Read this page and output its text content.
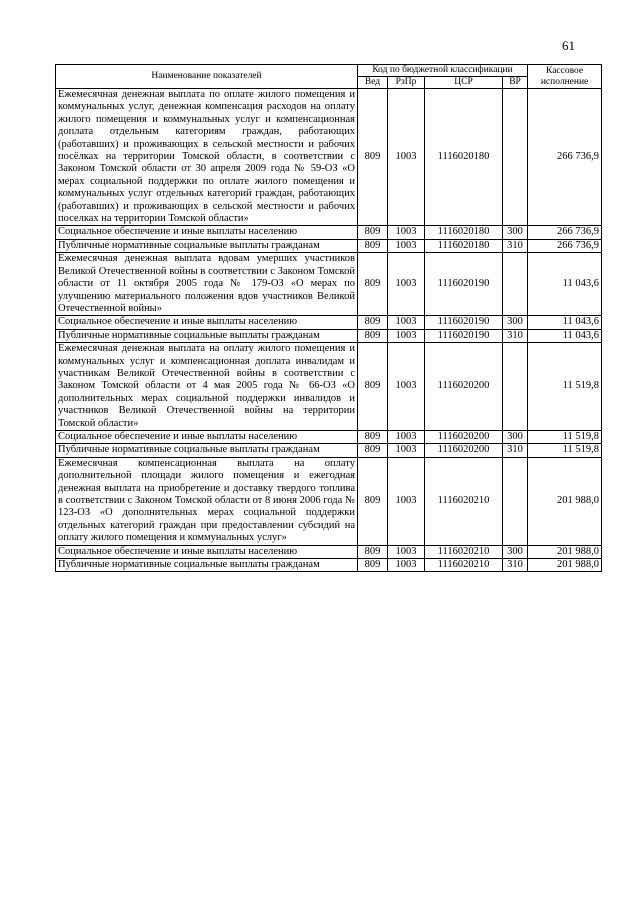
61
Наименование показателей	Код по бюджетной классификации				Кассовое исполнение
	Вед	РзПр	ЦСР	ВР	
Ежемесячная денежная выплата по оплате жилого помещения и коммунальных услуг, денежная компенсация расходов на оплату жилого помещения и коммунальных услуг и компенсационная доплата отдельным категориям граждан, работающих (работавших) и проживающих в сельской местности и рабочих посёлках на территории Томской области, в соответствии с Законом Томской области от 30 апреля 2009 года № 59-ОЗ «О мерах социальной поддержки по оплате жилого помещения и коммунальных услуг отдельных категорий граждан, работающих (работавших) и проживающих в сельской местности и рабочих поселках на территории Томской области»	809	1003	1116020180		266 736,9
Социальное обеспечение и иные выплаты населению	809	1003	1116020180	300	266 736,9
Публичные нормативные социальные выплаты гражданам	809	1003	1116020180	310	266 736,9
Ежемесячная денежная выплата вдовам умерших участников Великой Отечественной войны в соответствии с Законом Томской области от 11 октября 2005 года № 179-ОЗ «О мерах по улучшению материального положения вдов участников Великой Отечественной войны»	809	1003	1116020190		11 043,6
Социальное обеспечение и иные выплаты населению	809	1003	1116020190	300	11 043,6
Публичные нормативные социальные выплаты гражданам	809	1003	1116020190	310	11 043,6
Ежемесячная денежная выплата на оплату жилого помещения и коммунальных услуг и компенсационная доплата инвалидам и участникам Великой Отечественной войны в соответствии с Законом Томской области от 4 мая 2005 года № 66-ОЗ «О дополнительных мерах социальной поддержки инвалидов и участников Великой Отечественной войны на территории Томской области»	809	1003	1116020200		11 519,8
Социальное обеспечение и иные выплаты населению	809	1003	1116020200	300	11 519,8
Публичные нормативные социальные выплаты гражданам	809	1003	1116020200	310	11 519,8
Ежемесячная компенсационная выплата на оплату дополнительной площади жилого помещения и ежегодная денежная выплата на приобретение и доставку твердого топлива в соответствии с Законом Томской области от 8 июня 2006 года № 123-ОЗ «О дополнительных мерах социальной поддержки отдельных категорий граждан при предоставлении субсидий на оплату жилого помещения и коммунальных услуг»	809	1003	1116020210		201 988,0
Социальное обеспечение и иные выплаты населению	809	1003	1116020210	300	201 988,0
Публичные нормативные социальные выплаты гражданам	809	1003	1116020210	310	201 988,0
